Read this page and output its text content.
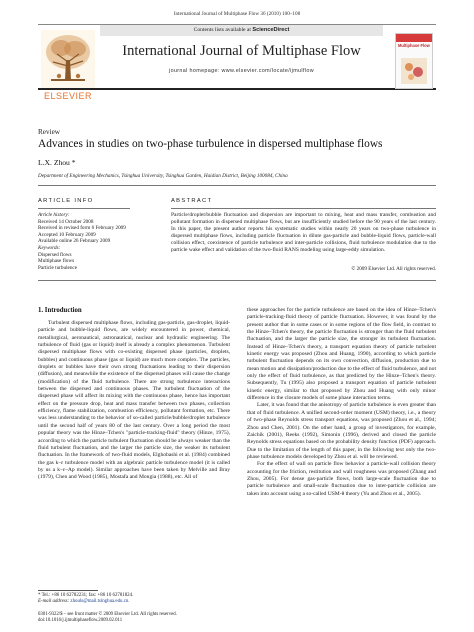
International Journal of Multiphase Flow 36 (2010) 100–108
Contents lists available at ScienceDirect
International Journal of Multiphase Flow
journal homepage: www.elsevier.com/locate/ijmulflow
ELSEVIER
Multiphase Flow
Review
Advances in studies on two-phase turbulence in dispersed multiphase flows
L.X. Zhou *
Department of Engineering Mechanics, Tsinghua University, Tsinghua Garden, Haidian District, Beijing 100084, China
ARTICLE INFO
Article history:
Received 14 October 2008
Received in revised form 6 February 2009
Accepted 10 February 2009
Available online 26 February 2009
Keywords:
Dispersed flows
Multiphase flows
Particle turbulence
ABSTRACT
Particle/droplet/bubble fluctuation and dispersion are important to mixing, heat and mass transfer, combustion and pollutant formation in dispersed multiphase flows, but are insufficiently studied before the 90 years of the last century. In this paper, the present author reports his systematic studies within nearly 20 years on two-phase turbulence in dispersed multiphase flows, including particle fluctuation in dilute gas-particle and bubble-liquid flows, particle-wall collision effect, coexistence of particle turbulence and inter-particle collisions, fluid turbulence modulation due to the particle wake effect and validation of the two-fluid RANS modeling using large-eddy simulation.
© 2009 Elsevier Ltd. All rights reserved.
1. Introduction

Turbulent dispersed multiphase flows, including gas-particle, gas-droplet, liquid-particle and bubble-liquid flows, are widely encountered in power, chemical, metallurgical, aeronautical, astronautical, nuclear and hydraulic engineering. The turbulence of fluid (gas or liquid) itself is already a complex phenomenon. Turbulent dispersed multiphase flows with co-existing dispersed phase (particles, droplets, bubbles) and continuous phase (gas or liquid) are much more complex. The particles, droplets or bubbles have their own strong fluctuations leading to their dispersion (diffusion), and meanwhile the existence of the dispersed phases will cause the change (modification) of the fluid turbulence. There are strong turbulence interactions between the dispersed and continuous phases. The turbulent fluctuation of the dispersed phase will affect its mixing with the continuous phase, hence has important effect on the pressure drop, heat and mass transfer between two phases, collection efficiency, flame stabilization, combustion efficiency, pollutant formation, etc. There was less understanding to the behavior of so-called particle/bubble/droplet turbulence until the second half of years 80 of the last century. Over a long period the most popular theory was the Hinze–Tchen's "particle-tracking-fluid" theory (Hinze, 1975), according to which the particle turbulent fluctuation should be always weaker than the fluid turbulent fluctuation, and the larger the particle size, the weaker its turbulent fluctuation. In the framework of two-fluid models, Elghobashi et al. (1984) combined the gas k–ε turbulence model with an algebraic particle turbulence model (it is called by us a k–ε–Ap model). Similar approaches have been taken by Melville and Bray (1979), Chen and Wood (1985), Mostafa and Mongia (1988), etc. All of

these approaches for the particle turbulence are based on the idea of Hinze–Tchen's particle-tracking-fluid theory of particle fluctuation. However, it was found by the present author that in some cases or in some regions of the flow field, in contrast to the Hinze–Tchen's theory, the particle fluctuation is stronger than the fluid turbulent fluctuation, and the larger the particle size, the stronger its turbulent fluctuation. Instead of Hinze–Tchen's theory, a transport equation theory of particle turbulent kinetic energy was proposed (Zhou and Huang, 1990), according to which particle turbulent fluctuation depends on its own convection, diffusion, production due to mean motion and dissipation/production due to the effect of fluid turbulence, and not only the effect of fluid turbulence, as that predicted by the Hinze–Tchen's theory. Subsequently, Tu (1995) also proposed a transport equation of particle turbulent kinetic energy, similar to that proposed by Zhou and Huang with only minor difference in the closure models of some phase interaction terms.

Later, it was found that the anisotropy of particle turbulence is even greater than that of fluid turbulence. A unified second-order moment (USM) theory, i.e., a theory of two-phase Reynolds stress transport equations, was proposed (Zhou et al., 1994; Zhou and Chen, 2001). On the other hand, a group of investigators, for example, Zaichik (2001), Reeks (1992), Simonin (1996), derived and closed the particle Reynolds stress equations based on the probability density function (PDF) approach. Due to the limitation of the length of this paper, in the following text only the two-phase turbulence models developed by Zhou et al. will be reviewed.

For the effect of wall on particle flow behavior a particle-wall collision theory accounting for the friction, restitution and wall roughness was proposed (Zhang and Zhou, 2005). For dense gas-particle flows, both large-scale fluctuation due to particle turbulence and small-scale fluctuation due to inter-particle collision are taken into account using a so-called USM-θ theory (Yu and Zhou et al., 2005).

* Tel.: +86 10 62782231; fax: +86 10 62781824.
E-mail address: zhouls@mail.tsinghua.edu.cn.
0301-9322/$ – see front matter © 2009 Elsevier Ltd. All rights reserved.
doi:10.1016/j.ijmultiphaseflow.2009.02.011
